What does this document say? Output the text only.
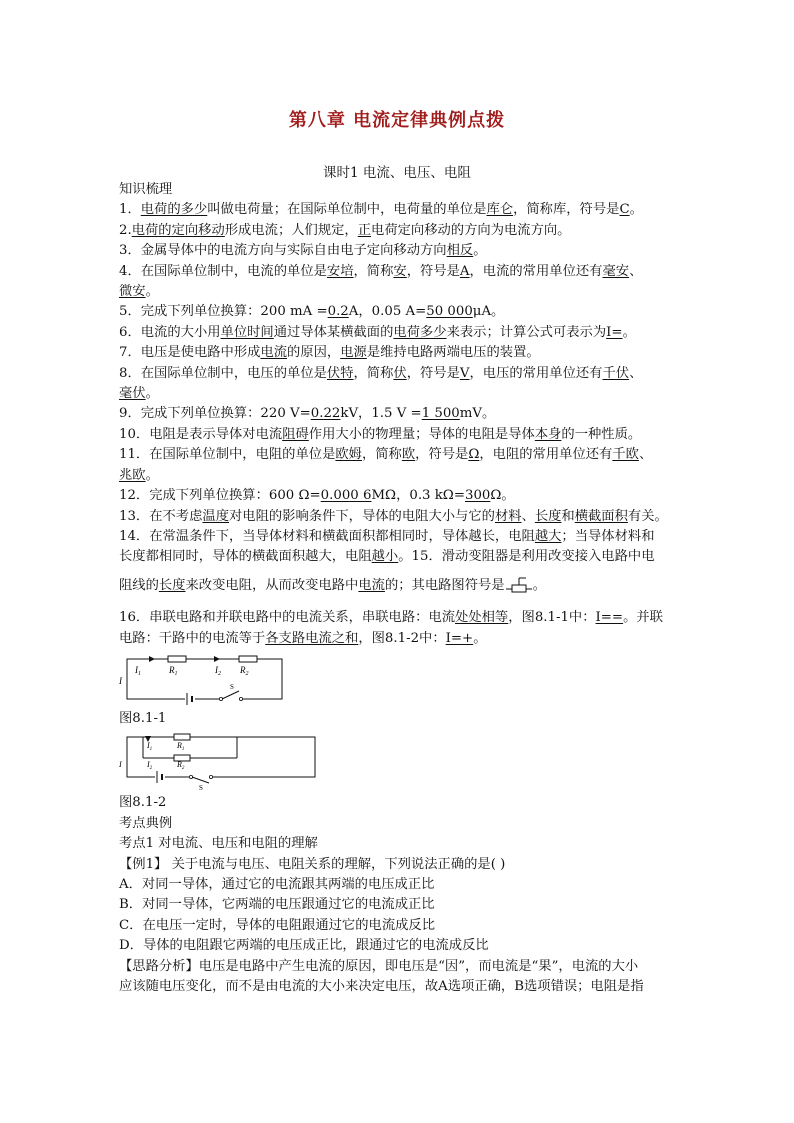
第八章 电流定律典例点拨
课时1 电流、电压、电阻
知识梳理
1．电荷的多少叫做电荷量；在国际单位制中，电荷量的单位是库仑，简称库，符号是C。
2.电荷的定向移动形成电流；人们规定，正电荷定向移动的方向为电流方向。
3．金属导体中的电流方向与实际自由电子定向移动方向相反。
4．在国际单位制中，电流的单位是安培，简称安，符号是A，电流的常用单位还有毫安、
微安。
5．完成下列单位换算：200 mA =0.2A，0.05 A=50 000μA。
6．电流的大小用单位时间通过导体某横截面的电荷多少来表示；计算公式可表示为I=。
7．电压是使电路中形成电流的原因，电源是维持电路两端电压的装置。
8．在国际单位制中，电压的单位是伏特，简称伏，符号是V，电压的常用单位还有千伏、
毫伏。
9．完成下列单位换算：220 V=0.22kV，1.5 V =1 500mV。
10．电阻是表示导体对电流阻碍作用大小的物理量；导体的电阻是导体本身的一种性质。
11．在国际单位制中，电阻的单位是欧姆，简称欧，符号是Ω，电阻的常用单位还有千欧、
兆欧。
12．完成下列单位换算：600 Ω=0.000 6MΩ，0.3 kΩ=300Ω。
13．在不考虑温度对电阻的影响条件下，导体的电阻大小与它的材料、长度和横截面积有关。
14．在常温条件下，当导体材料和横截面积都相同时，导体越长，电阻越大；当导体材料和
长度都相同时，导体的横截面积越大，电阻越小。15．滑动变阻器是利用改变接入电路中电
阻线的长度来改变电阻，从而改变电路中电流的；其电路图符号是 。
16．串联电路和并联电路中的电流关系，串联电路：电流处处相等，图8.1-1中：I==。并联
电路：干路中的电流等于各支路电流之和，图8.1-2中：I=+。
$I_1$	$R_1$	$I_2$ $R_2$
I
S
图8.1-1
$I_1$	$R_1$
$I_2$	$R_2$
I
S
图8.1-2
考点典例
考点1 对电流、电压和电阻的理解
【例1】 关于电流与电压、电阻关系的理解，下列说法正确的是( )
A．对同一导体，通过它的电流跟其两端的电压成正比
B．对同一导体，它两端的电压跟通过它的电流成正比
C．在电压一定时，导体的电阻跟通过它的电流成反比
D．导体的电阻跟它两端的电压成正比，跟通过它的电流成反比
【思路分析】电压是电路中产生电流的原因，即电压是“因”，而电流是“果”，电流的大小
应该随电压变化，而不是由电流的大小来决定电压，故A选项正确，B选项错误；电阻是指
